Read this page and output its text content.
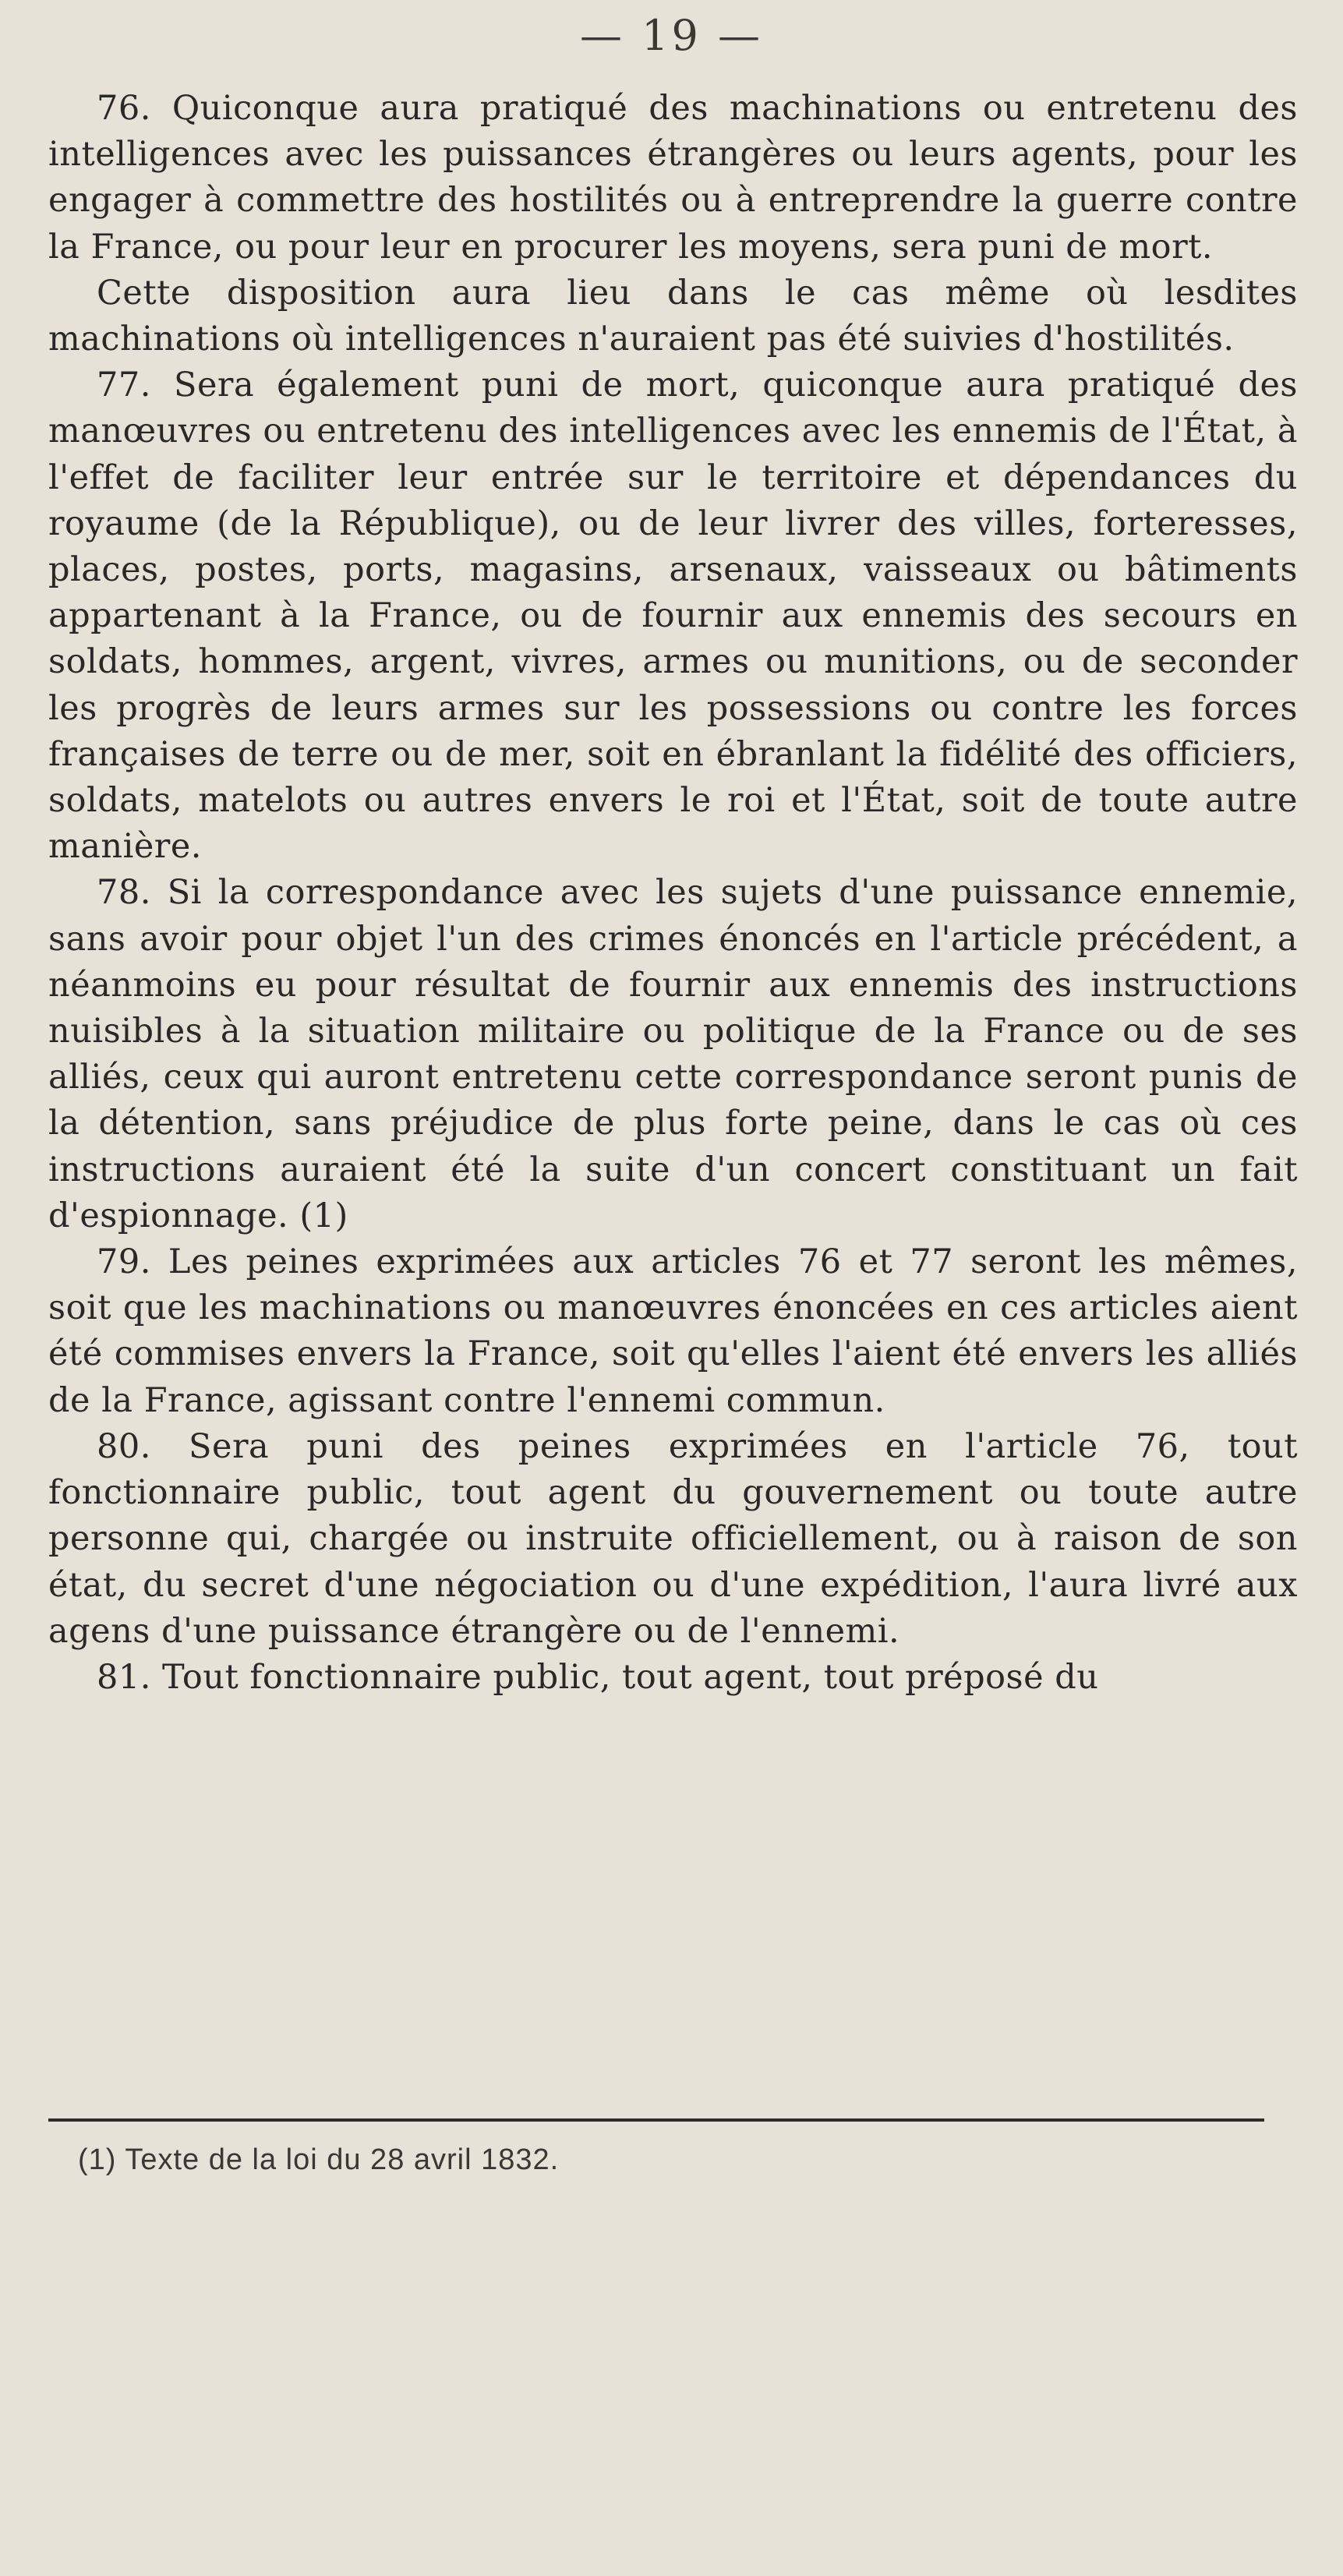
— 19 —

76. Quiconque aura pratiqué des machinations ou entretenu des intelligences avec les puissances étrangères ou leurs agents, pour les engager à commettre des hostilités ou à entreprendre la guerre contre la France, ou pour leur en procurer les moyens, sera puni de mort.

Cette disposition aura lieu dans le cas même où lesdites machinations où intelligences n'auraient pas été suivies d'hostilités.

77. Sera également puni de mort, quiconque aura pratiqué des manœuvres ou entretenu des intelligences avec les ennemis de l'État, à l'effet de faciliter leur entrée sur le territoire et dépendances du royaume (de la République), ou de leur livrer des villes, forteresses, places, postes, ports, magasins, arsenaux, vaisseaux ou bâtiments appartenant à la France, ou de fournir aux ennemis des secours en soldats, hommes, argent, vivres, armes ou munitions, ou de seconder les progrès de leurs armes sur les possessions ou contre les forces françaises de terre ou de mer, soit en ébranlant la fidélité des officiers, soldats, matelots ou autres envers le roi et l'État, soit de toute autre manière.

78. Si la correspondance avec les sujets d'une puissance ennemie, sans avoir pour objet l'un des crimes énoncés en l'article précédent, a néanmoins eu pour résultat de fournir aux ennemis des instructions nuisibles à la situation militaire ou politique de la France ou de ses alliés, ceux qui auront entretenu cette correspondance seront punis de la détention, sans préjudice de plus forte peine, dans le cas où ces instructions auraient été la suite d'un concert constituant un fait d'espionnage. (1)

79. Les peines exprimées aux articles 76 et 77 seront les mêmes, soit que les machinations ou manœuvres énoncées en ces articles aient été commises envers la France, soit qu'elles l'aient été envers les alliés de la France, agissant contre l'ennemi commun.

80. Sera puni des peines exprimées en l'article 76, tout fonctionnaire public, tout agent du gouvernement ou toute autre personne qui, chargée ou instruite officiellement, ou à raison de son état, du secret d'une négociation ou d'une expédition, l'aura livré aux agens d'une puissance étrangère ou de l'ennemi.

81. Tout fonctionnaire public, tout agent, tout préposé du

(1) Texte de la loi du 28 avril 1832.
